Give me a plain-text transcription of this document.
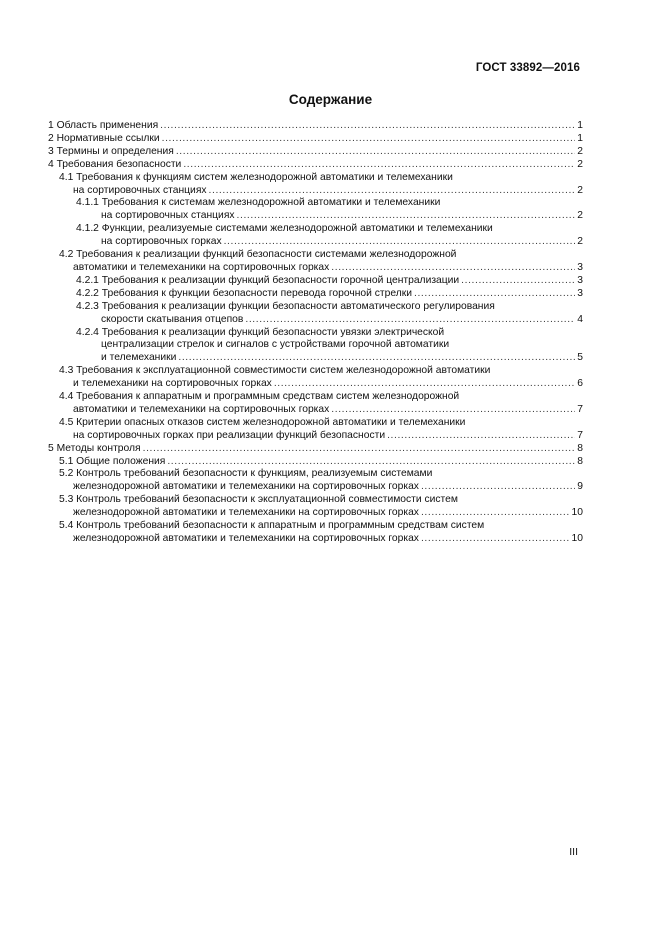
ГОСТ 33892—2016
Содержание
1 Область применения .....	1
2 Нормативные ссылки .....	1
3 Термины и определения .....	2
4 Требования безопасности .....	2
4.1 Требования к функциям систем железнодорожной автоматики и телемеханики
на сортировочных станциях .....	2
4.1.1 Требования к системам железнодорожной автоматики и телемеханики
на сортировочных станциях .....	2
4.1.2 Функции, реализуемые системами железнодорожной автоматики и телемеханики
на сортировочных горках .....	2
4.2 Требования к реализации функций безопасности системами железнодорожной
автоматики и телемеханики на сортировочных горках .....	3
4.2.1 Требования к реализации функций безопасности горочной централизации .....	3
4.2.2 Требования к функции безопасности перевода горочной стрелки .....	3
4.2.3 Требования к реализации функции безопасности автоматического регулирования
скорости скатывания отцепов .....	4
4.2.4 Требования к реализации функций безопасности увязки электрической
централизации стрелок и сигналов с устройствами горочной автоматики
и телемеханики .....	5
4.3 Требования к эксплуатационной совместимости систем железнодорожной автоматики
и телемеханики на сортировочных горках .....	6
4.4 Требования к аппаратным и программным средствам систем железнодорожной
автоматики и телемеханики на сортировочных горках .....	7
4.5 Критерии опасных отказов систем железнодорожной автоматики и телемеханики
на сортировочных горках при реализации функций безопасности .....	7
5 Методы контроля .....	8
5.1 Общие положения .....	8
5.2 Контроль требований безопасности к функциям, реализуемым системами
железнодорожной автоматики и телемеханики на сортировочных горках .....	9
5.3 Контроль требований безопасности к эксплуатационной совместимости систем
железнодорожной автоматики и телемеханики на сортировочных горках .....	10
5.4 Контроль требований безопасности к аппаратным и программным средствам систем
железнодорожной автоматики и телемеханики на сортировочных горках .....	10
III
